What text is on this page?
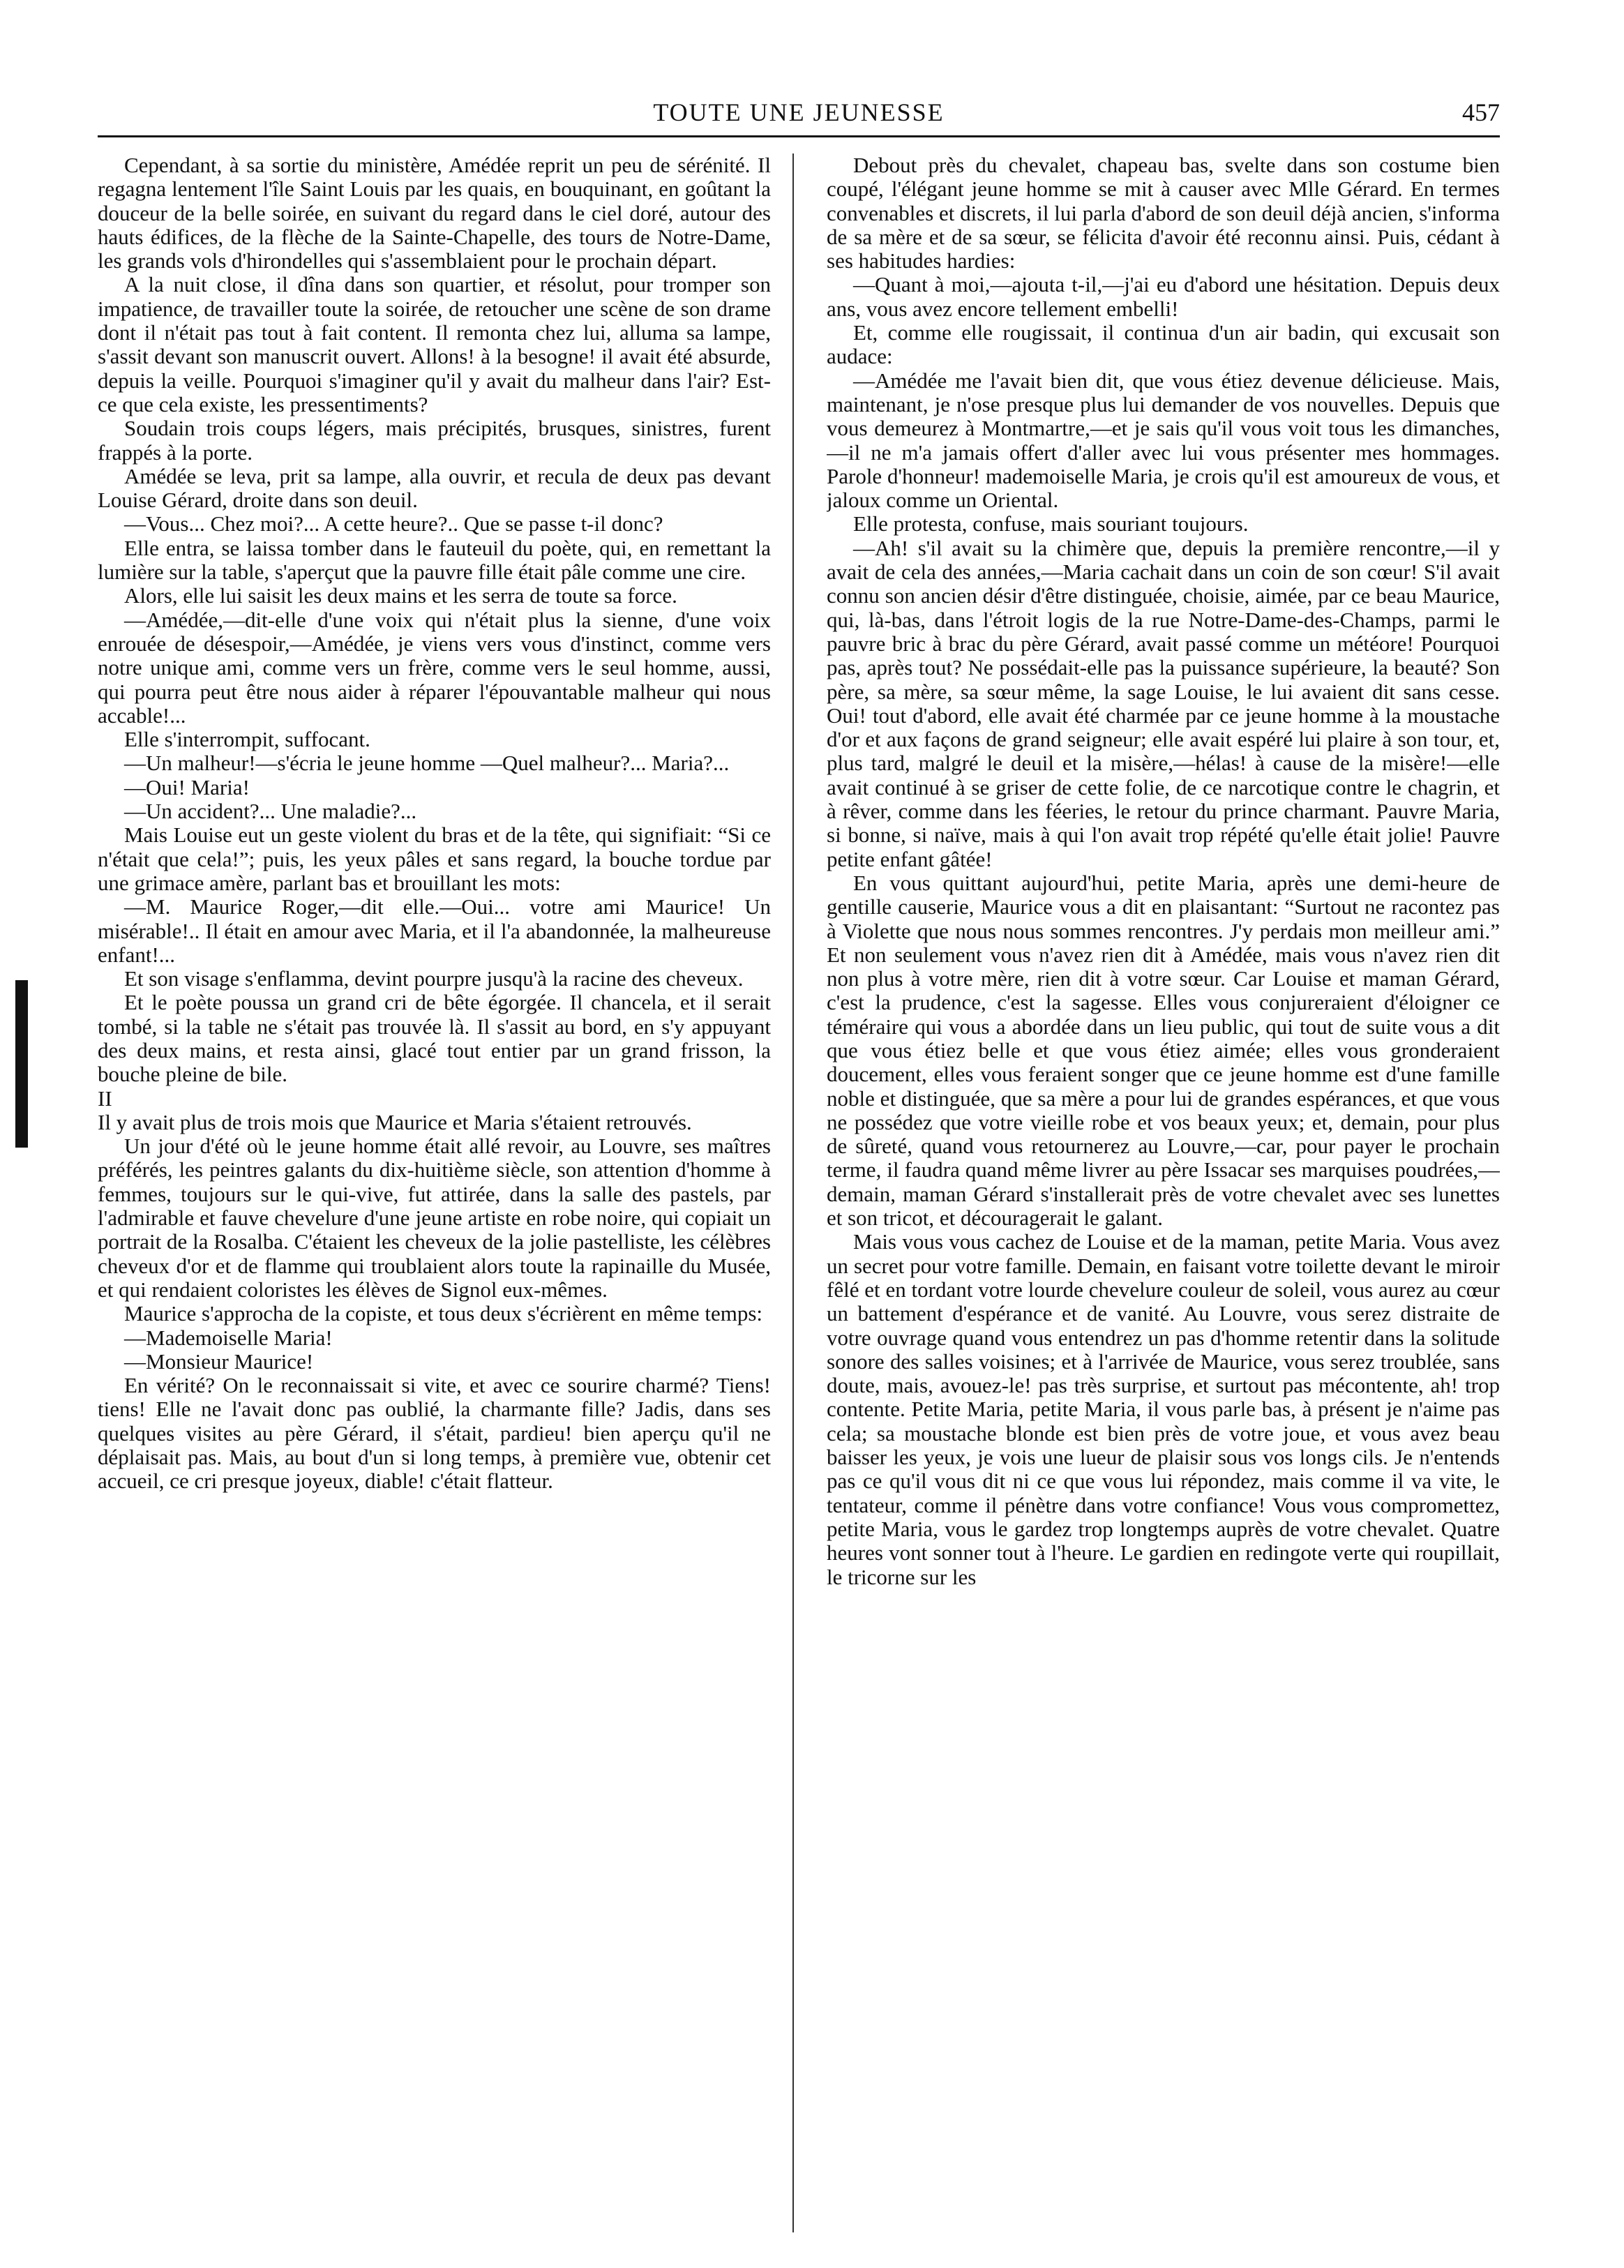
TOUTE UNE JEUNESSE	457

Cependant, à sa sortie du ministère, Amédée reprit un peu de sérénité. Il regagna lentement l'île Saint Louis par les quais, en bouquinant, en goûtant la douceur de la belle soirée, en suivant du regard dans le ciel doré, autour des hauts édifices, de la flèche de la Sainte-Chapelle, des tours de Notre-Dame, les grands vols d'hirondelles qui s'assemblaient pour le prochain départ.

A la nuit close, il dîna dans son quartier, et résolut, pour tromper son impatience, de travailler toute la soirée, de retoucher une scène de son drame dont il n'était pas tout à fait content. Il remonta chez lui, alluma sa lampe, s'assit devant son manuscrit ouvert. Allons! à la besogne! il avait été absurde, depuis la veille. Pourquoi s'imaginer qu'il y avait du malheur dans l'air? Est-ce que cela existe, les pressentiments?

Soudain trois coups légers, mais précipités, brusques, sinistres, furent frappés à la porte.

Amédée se leva, prit sa lampe, alla ouvrir, et recula de deux pas devant Louise Gérard, droite dans son deuil.

—Vous... Chez moi?... A cette heure?.. Que se passe t-il donc?

Elle entra, se laissa tomber dans le fauteuil du poète, qui, en remettant la lumière sur la table, s'aperçut que la pauvre fille était pâle comme une cire.

Alors, elle lui saisit les deux mains et les serra de toute sa force.

—Amédée,—dit-elle d'une voix qui n'était plus la sienne, d'une voix enrouée de désespoir,—Amédée, je viens vers vous d'instinct, comme vers notre unique ami, comme vers un frère, comme vers le seul homme, aussi, qui pourra peut être nous aider à réparer l'épouvantable malheur qui nous accable!...

Elle s'interrompit, suffocant.

—Un malheur!—s'écria le jeune homme —Quel malheur?... Maria?...

—Oui! Maria!

—Un accident?... Une maladie?...

Mais Louise eut un geste violent du bras et de la tête, qui signifiait: “Si ce n'était que cela!”; puis, les yeux pâles et sans regard, la bouche tordue par une grimace amère, parlant bas et brouillant les mots:

—M. Maurice Roger,—dit elle.—Oui... votre ami Maurice! Un misérable!.. Il était en amour avec Maria, et il l'a abandonnée, la malheureuse enfant!...

Et son visage s'enflamma, devint pourpre jusqu'à la racine des cheveux.

Et le poète poussa un grand cri de bête égorgée. Il chancela, et il serait tombé, si la table ne s'était pas trouvée là. Il s'assit au bord, en s'y appuyant des deux mains, et resta ainsi, glacé tout entier par un grand frisson, la bouche pleine de bile.

II

Il y avait plus de trois mois que Maurice et Maria s'étaient retrouvés.

Un jour d'été où le jeune homme était allé revoir, au Louvre, ses maîtres préférés, les peintres galants du dix-huitième siècle, son attention d'homme à femmes, toujours sur le qui-vive, fut attirée, dans la salle des pastels, par l'admirable et fauve chevelure d'une jeune artiste en robe noire, qui copiait un portrait de la Rosalba. C'étaient les cheveux de la jolie pastelliste, les célèbres cheveux d'or et de flamme qui troublaient alors toute la rapinaille du Musée, et qui rendaient coloristes les élèves de Signol eux-mêmes.

Maurice s'approcha de la copiste, et tous deux s'écrièrent en même temps:

—Mademoiselle Maria!

—Monsieur Maurice!

En vérité? On le reconnaissait si vite, et avec ce sourire charmé? Tiens! tiens! Elle ne l'avait donc pas oublié, la charmante fille? Jadis, dans ses quelques visites au père Gérard, il s'était, pardieu! bien aperçu qu'il ne déplaisait pas. Mais, au bout d'un si long temps, à première vue, obtenir cet accueil, ce cri presque joyeux, diable! c'était flatteur.

Debout près du chevalet, chapeau bas, svelte dans son costume bien coupé, l'élégant jeune homme se mit à causer avec Mlle Gérard. En termes convenables et discrets, il lui parla d'abord de son deuil déjà ancien, s'informa de sa mère et de sa sœur, se félicita d'avoir été reconnu ainsi. Puis, cédant à ses habitudes hardies:

—Quant à moi,—ajouta t-il,—j'ai eu d'abord une hésitation. Depuis deux ans, vous avez encore tellement embelli!

Et, comme elle rougissait, il continua d'un air badin, qui excusait son audace:

—Amédée me l'avait bien dit, que vous étiez devenue délicieuse. Mais, maintenant, je n'ose presque plus lui demander de vos nouvelles. Depuis que vous demeurez à Montmartre,—et je sais qu'il vous voit tous les dimanches,—il ne m'a jamais offert d'aller avec lui vous présenter mes hommages. Parole d'honneur! mademoiselle Maria, je crois qu'il est amoureux de vous, et jaloux comme un Oriental.

Elle protesta, confuse, mais souriant toujours.

—Ah! s'il avait su la chimère que, depuis la première rencontre,—il y avait de cela des années,—Maria cachait dans un coin de son cœur! S'il avait connu son ancien désir d'être distinguée, choisie, aimée, par ce beau Maurice, qui, là-bas, dans l'étroit logis de la rue Notre-Dame-des-Champs, parmi le pauvre bric à brac du père Gérard, avait passé comme un météore! Pourquoi pas, après tout? Ne possédait-elle pas la puissance supérieure, la beauté? Son père, sa mère, sa sœur même, la sage Louise, le lui avaient dit sans cesse. Oui! tout d'abord, elle avait été charmée par ce jeune homme à la moustache d'or et aux façons de grand seigneur; elle avait espéré lui plaire à son tour, et, plus tard, malgré le deuil et la misère,—hélas! à cause de la misère!—elle avait continué à se griser de cette folie, de ce narcotique contre le chagrin, et à rêver, comme dans les féeries, le retour du prince charmant. Pauvre Maria, si bonne, si naïve, mais à qui l'on avait trop répété qu'elle était jolie! Pauvre petite enfant gâtée!

En vous quittant aujourd'hui, petite Maria, après une demi-heure de gentille causerie, Maurice vous a dit en plaisantant: “Surtout ne racontez pas à Violette que nous nous sommes rencontres. J'y perdais mon meilleur ami.” Et non seulement vous n'avez rien dit à Amédée, mais vous n'avez rien dit non plus à votre mère, rien dit à votre sœur. Car Louise et maman Gérard, c'est la prudence, c'est la sagesse. Elles vous conjureraient d'éloigner ce téméraire qui vous a abordée dans un lieu public, qui tout de suite vous a dit que vous étiez belle et que vous étiez aimée; elles vous gronderaient doucement, elles vous feraient songer que ce jeune homme est d'une famille noble et distinguée, que sa mère a pour lui de grandes espérances, et que vous ne possédez que votre vieille robe et vos beaux yeux; et, demain, pour plus de sûreté, quand vous retournerez au Louvre,—car, pour payer le prochain terme, il faudra quand même livrer au père Issacar ses marquises poudrées,—demain, maman Gérard s'installerait près de votre chevalet avec ses lunettes et son tricot, et découragerait le galant.

Mais vous vous cachez de Louise et de la maman, petite Maria. Vous avez un secret pour votre famille. Demain, en faisant votre toilette devant le miroir fêlé et en tordant votre lourde chevelure couleur de soleil, vous aurez au cœur un battement d'espérance et de vanité. Au Louvre, vous serez distraite de votre ouvrage quand vous entendrez un pas d'homme retentir dans la solitude sonore des salles voisines; et à l'arrivée de Maurice, vous serez troublée, sans doute, mais, avouez-le! pas très surprise, et surtout pas mécontente, ah! trop contente. Petite Maria, petite Maria, il vous parle bas, à présent je n'aime pas cela; sa moustache blonde est bien près de votre joue, et vous avez beau baisser les yeux, je vois une lueur de plaisir sous vos longs cils. Je n'entends pas ce qu'il vous dit ni ce que vous lui répondez, mais comme il va vite, le tentateur, comme il pénètre dans votre confiance! Vous vous compromettez, petite Maria, vous le gardez trop longtemps auprès de votre chevalet. Quatre heures vont sonner tout à l'heure. Le gardien en redingote verte qui roupillait, le tricorne sur les
